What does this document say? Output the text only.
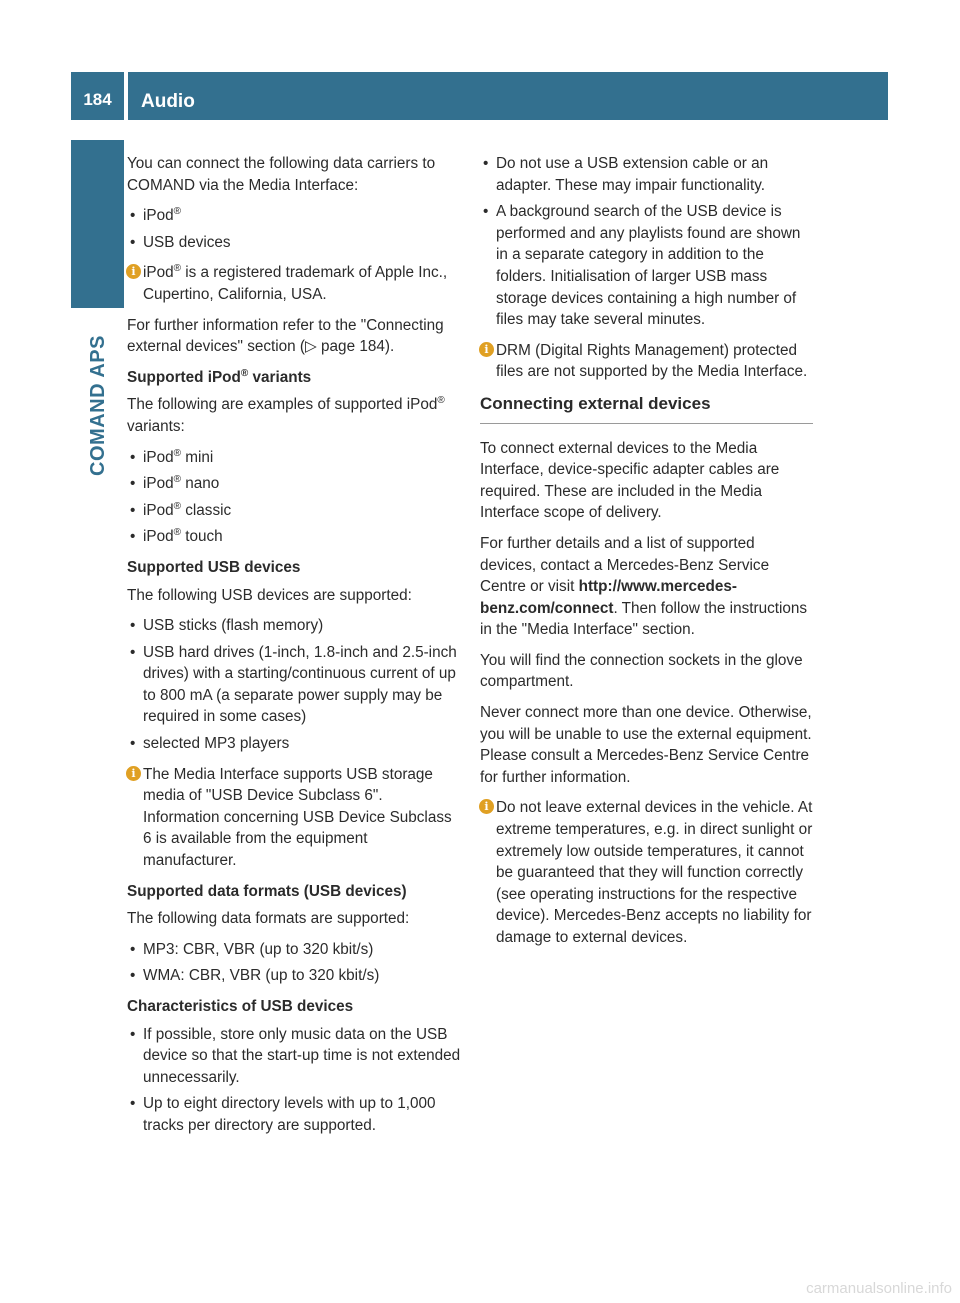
184	Audio
COMAND APS

You can connect the following data carriers to COMAND via the Media Interface:

• iPod®
• USB devices
i
iPod® is a registered trademark of Apple Inc., Cupertino, California, USA.

For further information refer to the "Connecting external devices" section (▷ page 184).

Supported iPod® variants

The following are examples of supported iPod® variants:

• iPod® mini
• iPod® nano
• iPod® classic
• iPod® touch
Supported USB devices

The following USB devices are supported:

• USB sticks (flash memory)
• USB hard drives (1-inch, 1.8-inch and 2.5-inch drives) with a starting/continuous current of up to 800 mA (a separate power supply may be required in some cases)
• selected MP3 players
i
The Media Interface supports USB storage media of "USB Device Subclass 6". Information concerning USB Device Subclass 6 is available from the equipment manufacturer.
Supported data formats (USB devices)

The following data formats are supported:

• MP3: CBR, VBR (up to 320 kbit/s)
• WMA: CBR, VBR (up to 320 kbit/s)
Characteristics of USB devices
• If possible, store only music data on the USB device so that the start-up time is not extended unnecessarily.
• Up to eight directory levels with up to 1,000 tracks per directory are supported.
• Do not use a USB extension cable or an adapter. These may impair functionality.
• A background search of the USB device is performed and any playlists found are shown in a separate category in addition to the folders. Initialisation of larger USB mass storage devices containing a high number of files may take several minutes.
i
DRM (Digital Rights Management) protected files are not supported by the Media Interface.
Connecting external devices

To connect external devices to the Media Interface, device-specific adapter cables are required. These are included in the Media Interface scope of delivery.

For further details and a list of supported devices, contact a Mercedes-Benz Service Centre or visit http://www.mercedes-benz.com/connect. Then follow the instructions in the "Media Interface" section.

You will find the connection sockets in the glove compartment.

Never connect more than one device. Otherwise, you will be unable to use the external equipment. Please consult a Mercedes-Benz Service Centre for further information.

i
Do not leave external devices in the vehicle. At extreme temperatures, e.g. in direct sunlight or extremely low outside temperatures, it cannot be guaranteed that they will function correctly (see operating instructions for the respective device). Mercedes-Benz accepts no liability for damage to external devices.
carmanualsonline.info
